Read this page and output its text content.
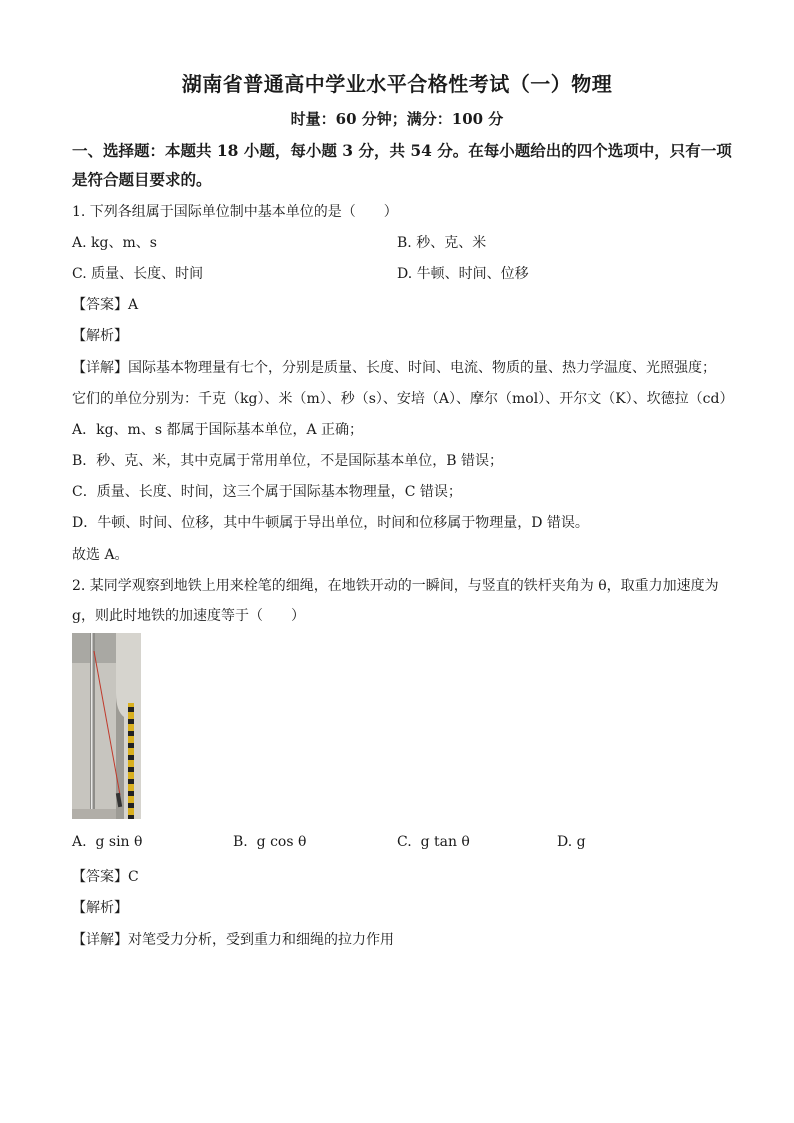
湖南省普通高中学业水平合格性考试（一）物理
时量：60 分钟；满分：100 分
一、选择题：本题共 18 小题，每小题 3 分，共 54 分。在每小题给出的四个选项中，只有一项是符合题目要求的。
1. 下列各组属于国际单位制中基本单位的是（　　）
A. kg、m、s	B. 秒、克、米
C. 质量、长度、时间	D. 牛顿、时间、位移
【答案】A
【解析】
【详解】国际基本物理量有七个，分别是质量、长度、时间、电流、物质的量、热力学温度、光照强度；
它们的单位分别为：千克（kg）、米（m）、秒（s）、安培（A）、摩尔（mol）、开尔文（K）、坎德拉（cd）
A．kg、m、s 都属于国际基本单位，A 正确；
B．秒、克、米，其中克属于常用单位，不是国际基本单位，B 错误；
C．质量、长度、时间，这三个属于国际基本物理量，C 错误；
D．牛顿、时间、位移，其中牛顿属于导出单位，时间和位移属于物理量，D 错误。
故选 A。
2. 某同学观察到地铁上用来栓笔的细绳，在地铁开动的一瞬间，与竖直的铁杆夹角为 θ，取重力加速度为
g，则此时地铁的加速度等于（　　）
A. g sin θ	B. g cos θ	C. g tan θ	D. g
【答案】C
【解析】
【详解】对笔受力分析，受到重力和细绳的拉力作用
